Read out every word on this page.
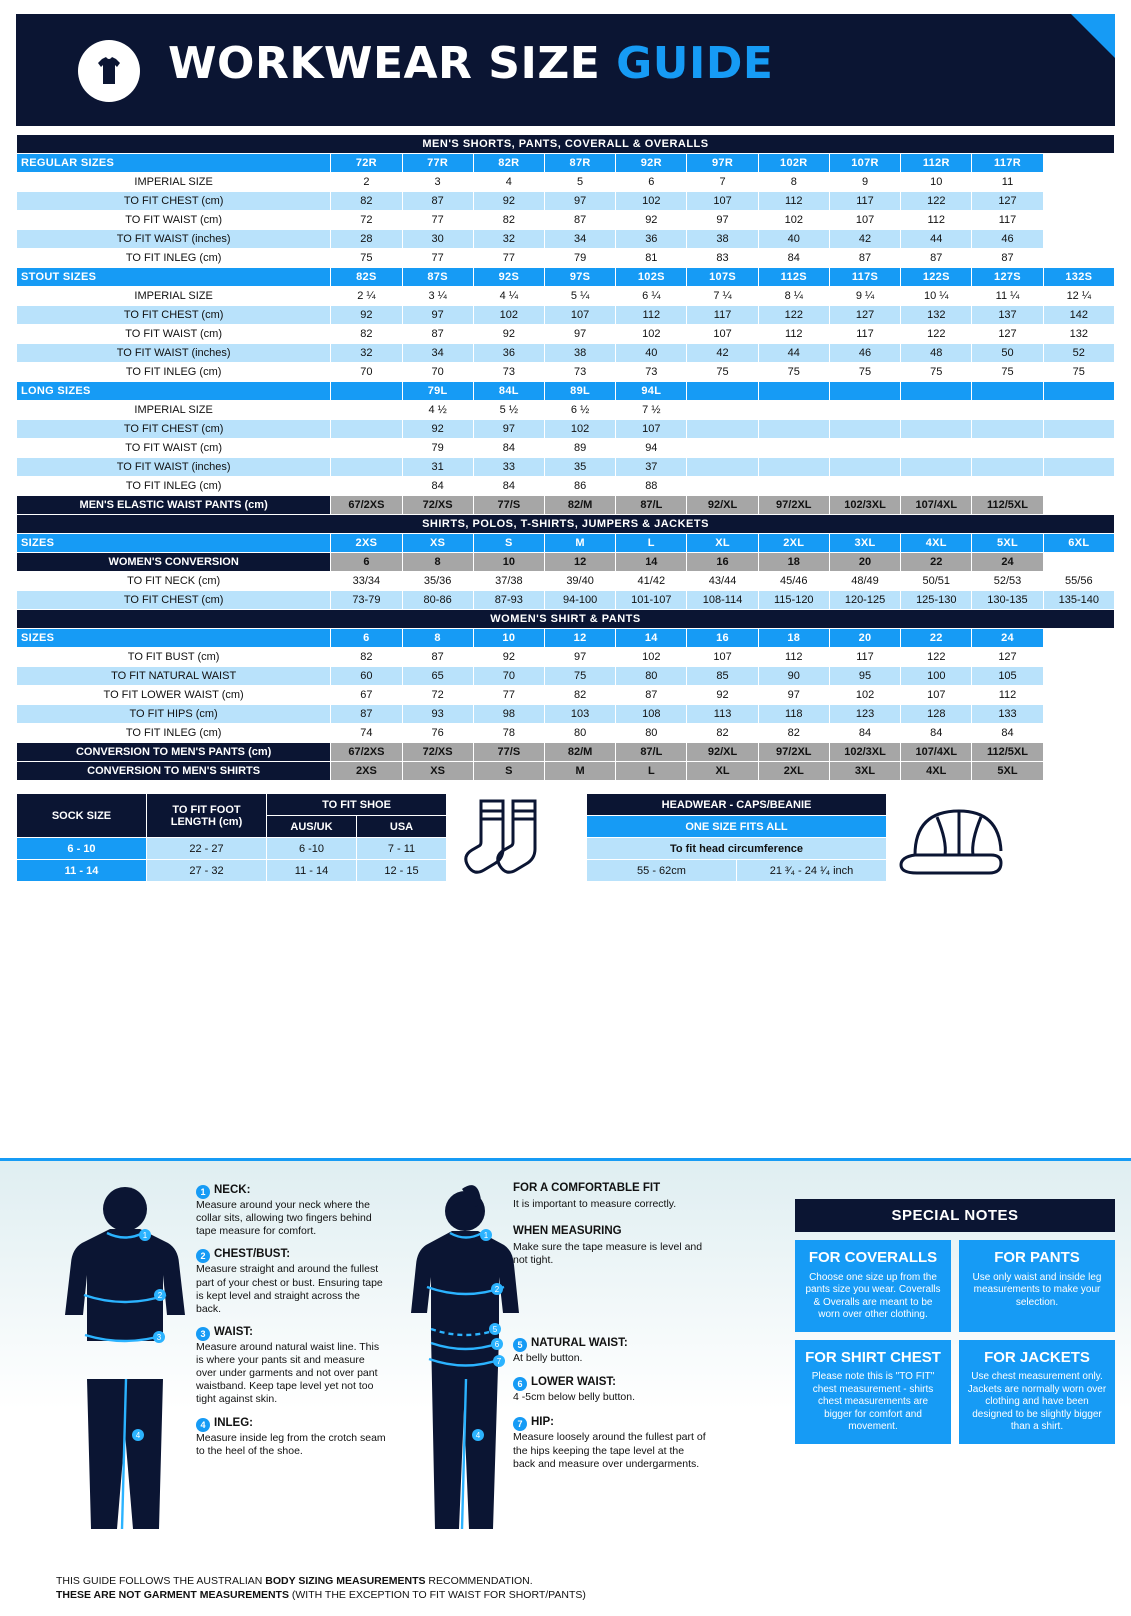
WORKWEAR SIZE GUIDE
MEN'S SHORTS, PANTS, COVERALL & OVERALLS											
REGULAR SIZES	72R	77R	82R	87R	92R	97R	102R	107R	112R	117R	
IMPERIAL SIZE	2	3	4	5	6	7	8	9	10	11	
TO FIT CHEST (cm)	82	87	92	97	102	107	112	117	122	127	
TO FIT WAIST (cm)	72	77	82	87	92	97	102	107	112	117	
TO FIT WAIST (inches)	28	30	32	34	36	38	40	42	44	46	
TO FIT INLEG (cm)	75	77	77	79	81	83	84	87	87	87	
STOUT SIZES	82S	87S	92S	97S	102S	107S	112S	117S	122S	127S	132S
IMPERIAL SIZE	2 ¼	3 ¼	4 ¼	5 ¼	6 ¼	7 ¼	8 ¼	9 ¼	10 ¼	11 ¼	12 ¼
TO FIT CHEST (cm)	92	97	102	107	112	117	122	127	132	137	142
TO FIT WAIST (cm)	82	87	92	97	102	107	112	117	122	127	132
TO FIT WAIST (inches)	32	34	36	38	40	42	44	46	48	50	52
TO FIT INLEG (cm)	70	70	73	73	73	75	75	75	75	75	75
LONG SIZES		79L	84L	89L	94L						
IMPERIAL SIZE		4 ½	5 ½	6 ½	7 ½						
TO FIT CHEST (cm)		92	97	102	107						
TO FIT WAIST (cm)		79	84	89	94						
TO FIT WAIST (inches)		31	33	35	37						
TO FIT INLEG (cm)		84	84	86	88						
MEN'S ELASTIC WAIST PANTS (cm)	67/2XS	72/XS	77/S	82/M	87/L	92/XL	97/2XL	102/3XL	107/4XL	112/5XL	
SHIRTS, POLOS, T-SHIRTS, JUMPERS & JACKETS											
SIZES	2XS	XS	S	M	L	XL	2XL	3XL	4XL	5XL	6XL
WOMEN'S CONVERSION	6	8	10	12	14	16	18	20	22	24	
TO FIT NECK (cm)	33/34	35/36	37/38	39/40	41/42	43/44	45/46	48/49	50/51	52/53	55/56
TO FIT CHEST (cm)	73-79	80-86	87-93	94-100	101-107	108-114	115-120	120-125	125-130	130-135	135-140
WOMEN'S SHIRT & PANTS											
SIZES	6	8	10	12	14	16	18	20	22	24	
TO FIT BUST (cm)	82	87	92	97	102	107	112	117	122	127	
TO FIT NATURAL WAIST	60	65	70	75	80	85	90	95	100	105	
TO FIT LOWER WAIST (cm)	67	72	77	82	87	92	97	102	107	112	
TO FIT HIPS (cm)	87	93	98	103	108	113	118	123	128	133	
TO FIT INLEG (cm)	74	76	78	80	80	82	82	84	84	84	
CONVERSION TO MEN'S PANTS (cm)	67/2XS	72/XS	77/S	82/M	87/L	92/XL	97/2XL	102/3XL	107/4XL	112/5XL	
CONVERSION TO MEN'S SHIRTS	2XS	XS	S	M	L	XL	2XL	3XL	4XL	5XL	
SOCK SIZE	TO FIT FOOT LENGTH (cm)	TO FIT SHOE	
		AUS/UK	USA
6 - 10	22 - 27	6 -10	7 - 11
11 - 14	27 - 32	11 - 14	12 - 15
HEADWEAR - CAPS/BEANIE
ONE SIZE FITS ALL
To fit head circumference
55 - 62cm	21 ³⁄₄ - 24 ¹⁄₄ inch
1
2
3
4
1 NECK:
Measure around your neck where the collar sits, allowing two fingers behind tape measure for comfort.
2 CHEST/BUST:
Measure straight and around the fullest part of your chest or bust. Ensuring tape is kept level and straight across the back.
3 WAIST:
Measure around natural waist line. This is where your pants sit and measure over under garments and not over pant waistband. Keep tape level yet not too tight against skin.
4 INLEG:
Measure inside leg from the crotch seam to the heel of the shoe.
1
2
5
6
7
4
FOR A COMFORTABLE FIT
It is important to measure correctly.
WHEN MEASURING
Make sure the tape measure is level and not tight.
5 NATURAL WAIST:
At belly button.
6 LOWER WAIST:
4 -5cm below belly button.
7 HIP:
Measure loosely around the fullest part of the hips keeping the tape level at the back and measure over undergarments.
SPECIAL NOTES
FOR COVERALLS
Choose one size up from the pants size you wear. Coveralls & Overalls are meant to be worn over other clothing.
FOR PANTS
Use only waist and inside leg measurements to make your selection.
FOR SHIRT CHEST
Please note this is "TO FIT" chest measurement - shirts chest measurements are bigger for comfort and movement.
FOR JACKETS
Use chest measurement only. Jackets are normally worn over clothing and have been designed to be slightly bigger than a shirt.
THIS GUIDE FOLLOWS THE AUSTRALIAN BODY SIZING MEASUREMENTS RECOMMENDATION.
THESE ARE NOT GARMENT MEASUREMENTS (WITH THE EXCEPTION TO FIT WAIST FOR SHORT/PANTS)
